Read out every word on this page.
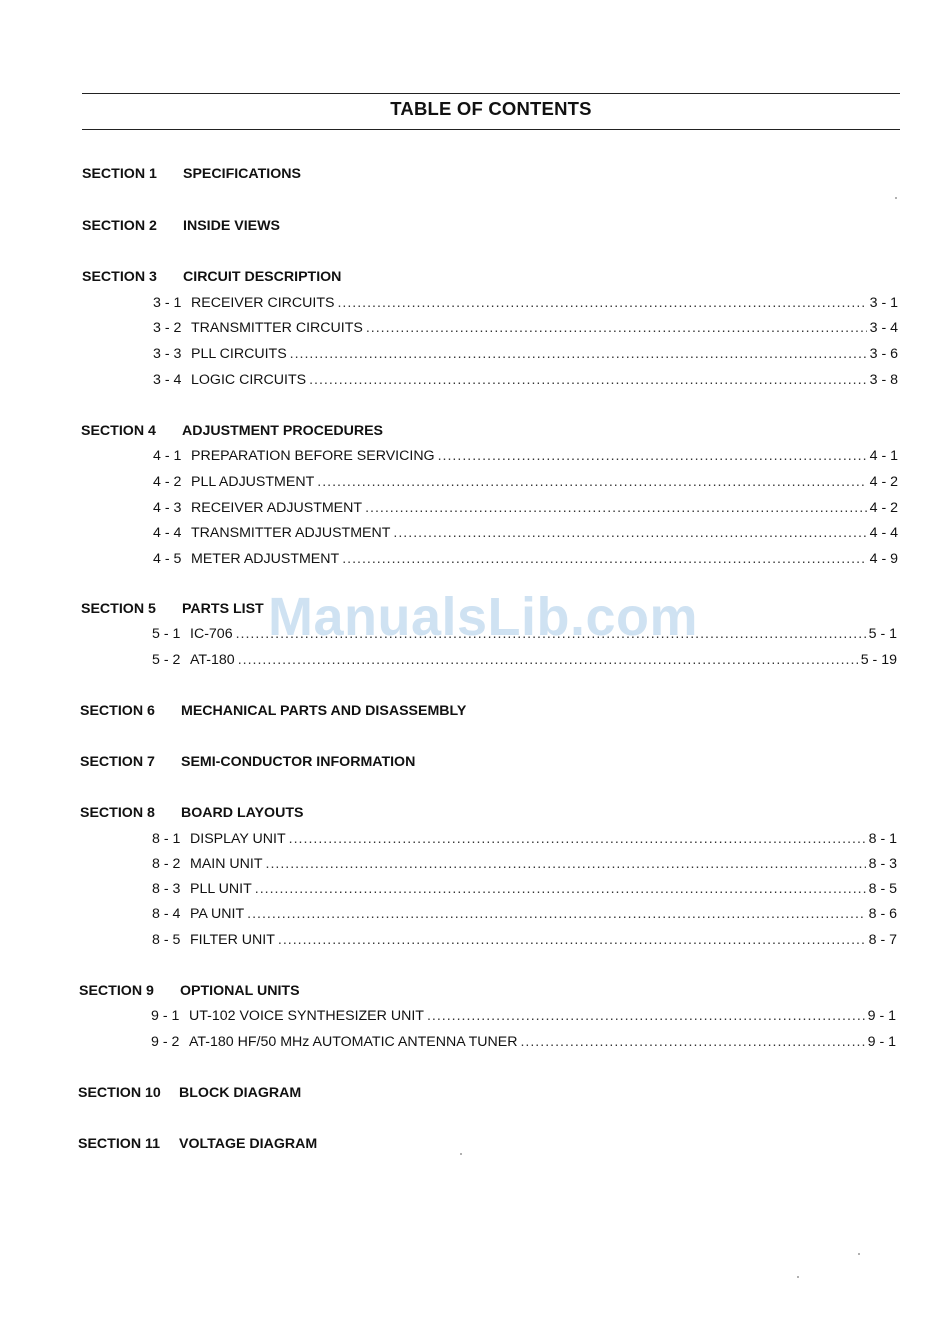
TABLE OF CONTENTS
SECTION 1 SPECIFICATIONS
SECTION 2 INSIDE VIEWS
SECTION 3 CIRCUIT DESCRIPTION
3 - 1 RECEIVER CIRCUITS .....	3 - 1
3 - 2 TRANSMITTER CIRCUITS .....	3 - 4
3 - 3 PLL CIRCUITS .....	3 - 6
3 - 4 LOGIC CIRCUITS .....	3 - 8
SECTION 4 ADJUSTMENT PROCEDURES
4 - 1 PREPARATION BEFORE SERVICING .....	4 - 1
4 - 2 PLL ADJUSTMENT .....	4 - 2
4 - 3 RECEIVER ADJUSTMENT .....	4 - 2
4 - 4 TRANSMITTER ADJUSTMENT .....	4 - 4
4 - 5 METER ADJUSTMENT .....	4 - 9
SECTION 5 PARTS LIST
5 - 1 IC-706 .....	5 - 1
5 - 2 AT-180 .....	5 - 19
SECTION 6 MECHANICAL PARTS AND DISASSEMBLY
SECTION 7 SEMI-CONDUCTOR INFORMATION
SECTION 8 BOARD LAYOUTS
8 - 1 DISPLAY UNIT .....	8 - 1
8 - 2 MAIN UNIT .....	8 - 3
8 - 3 PLL UNIT .....	8 - 5
8 - 4 PA UNIT .....	8 - 6
8 - 5 FILTER UNIT .....	8 - 7
SECTION 9 OPTIONAL UNITS
9 - 1 UT-102 VOICE SYNTHESIZER UNIT .....	9 - 1
9 - 2 AT-180 HF/50 MHz AUTOMATIC ANTENNA TUNER .....	9 - 1
SECTION 10 BLOCK DIAGRAM
SECTION 11 VOLTAGE DIAGRAM
ManualsLib.com
